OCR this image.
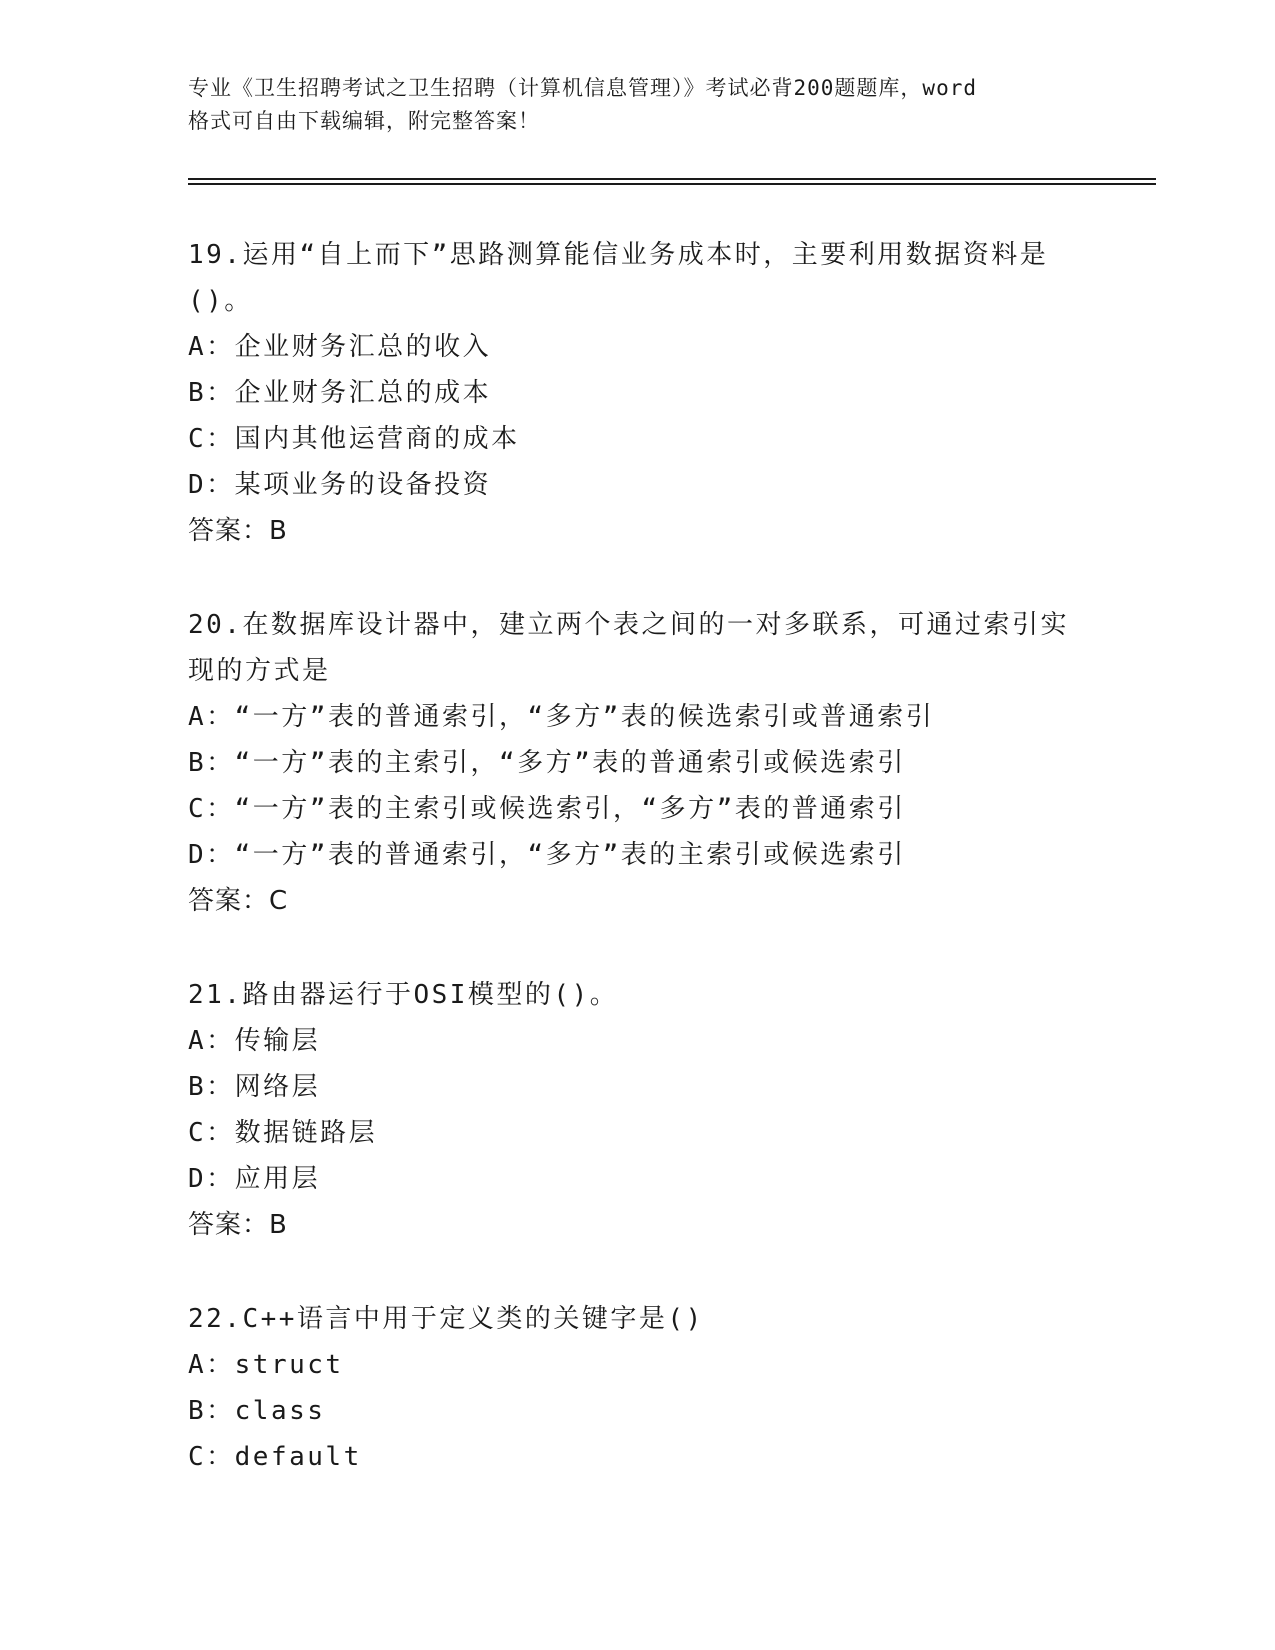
专业《卫生招聘考试之卫生招聘（计算机信息管理）》考试必背200题题库，word
格式可自由下载编辑，附完整答案！
19.运用“自上而下”思路测算能信业务成本时，主要利用数据资料是()。
A：企业财务汇总的收入
B：企业财务汇总的成本
C：国内其他运营商的成本
D：某项业务的设备投资
答案：B
20.在数据库设计器中，建立两个表之间的一对多联系，可通过索引实现的方式是
A：“一方”表的普通索引，“多方”表的候选索引或普通索引
B：“一方”表的主索引，“多方”表的普通索引或候选索引
C：“一方”表的主索引或候选索引，“多方”表的普通索引
D：“一方”表的普通索引，“多方”表的主索引或候选索引
答案：C
21.路由器运行于OSI模型的()。
A：传输层
B：网络层
C：数据链路层
D：应用层
答案：B
22.C++语言中用于定义类的关键字是()
A：struct
B：class
C：default
